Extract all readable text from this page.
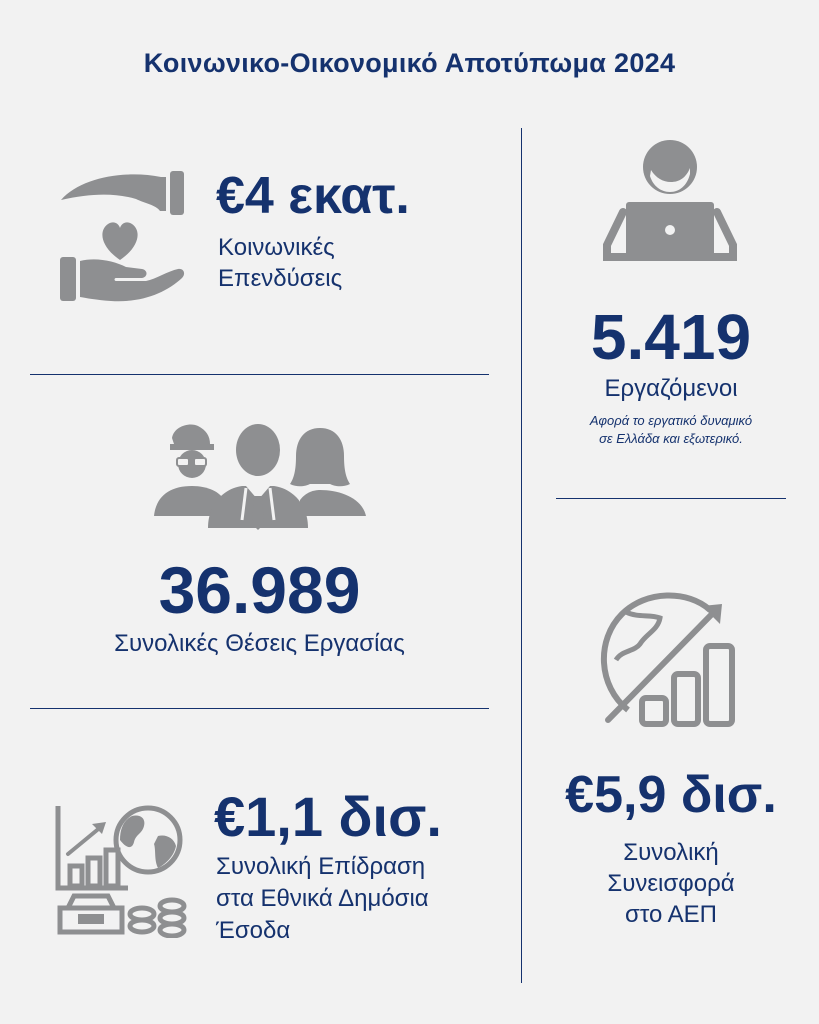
Κοινωνικο-Οικονομικό Αποτύπωμα 2024
€4 εκατ.
Κοινωνικές
Επενδύσεις
5.419
Εργαζόμενοι
Αφορά το εργατικό δυναμικό
σε Ελλάδα και εξωτερικό.
36.989
Συνολικές Θέσεις Εργασίας
€1,1 δισ.
Συνολική Επίδραση
στα Εθνικά Δημόσια
Έσοδα
€5,9 δισ.
Συνολική
Συνεισφορά
στο ΑΕΠ
